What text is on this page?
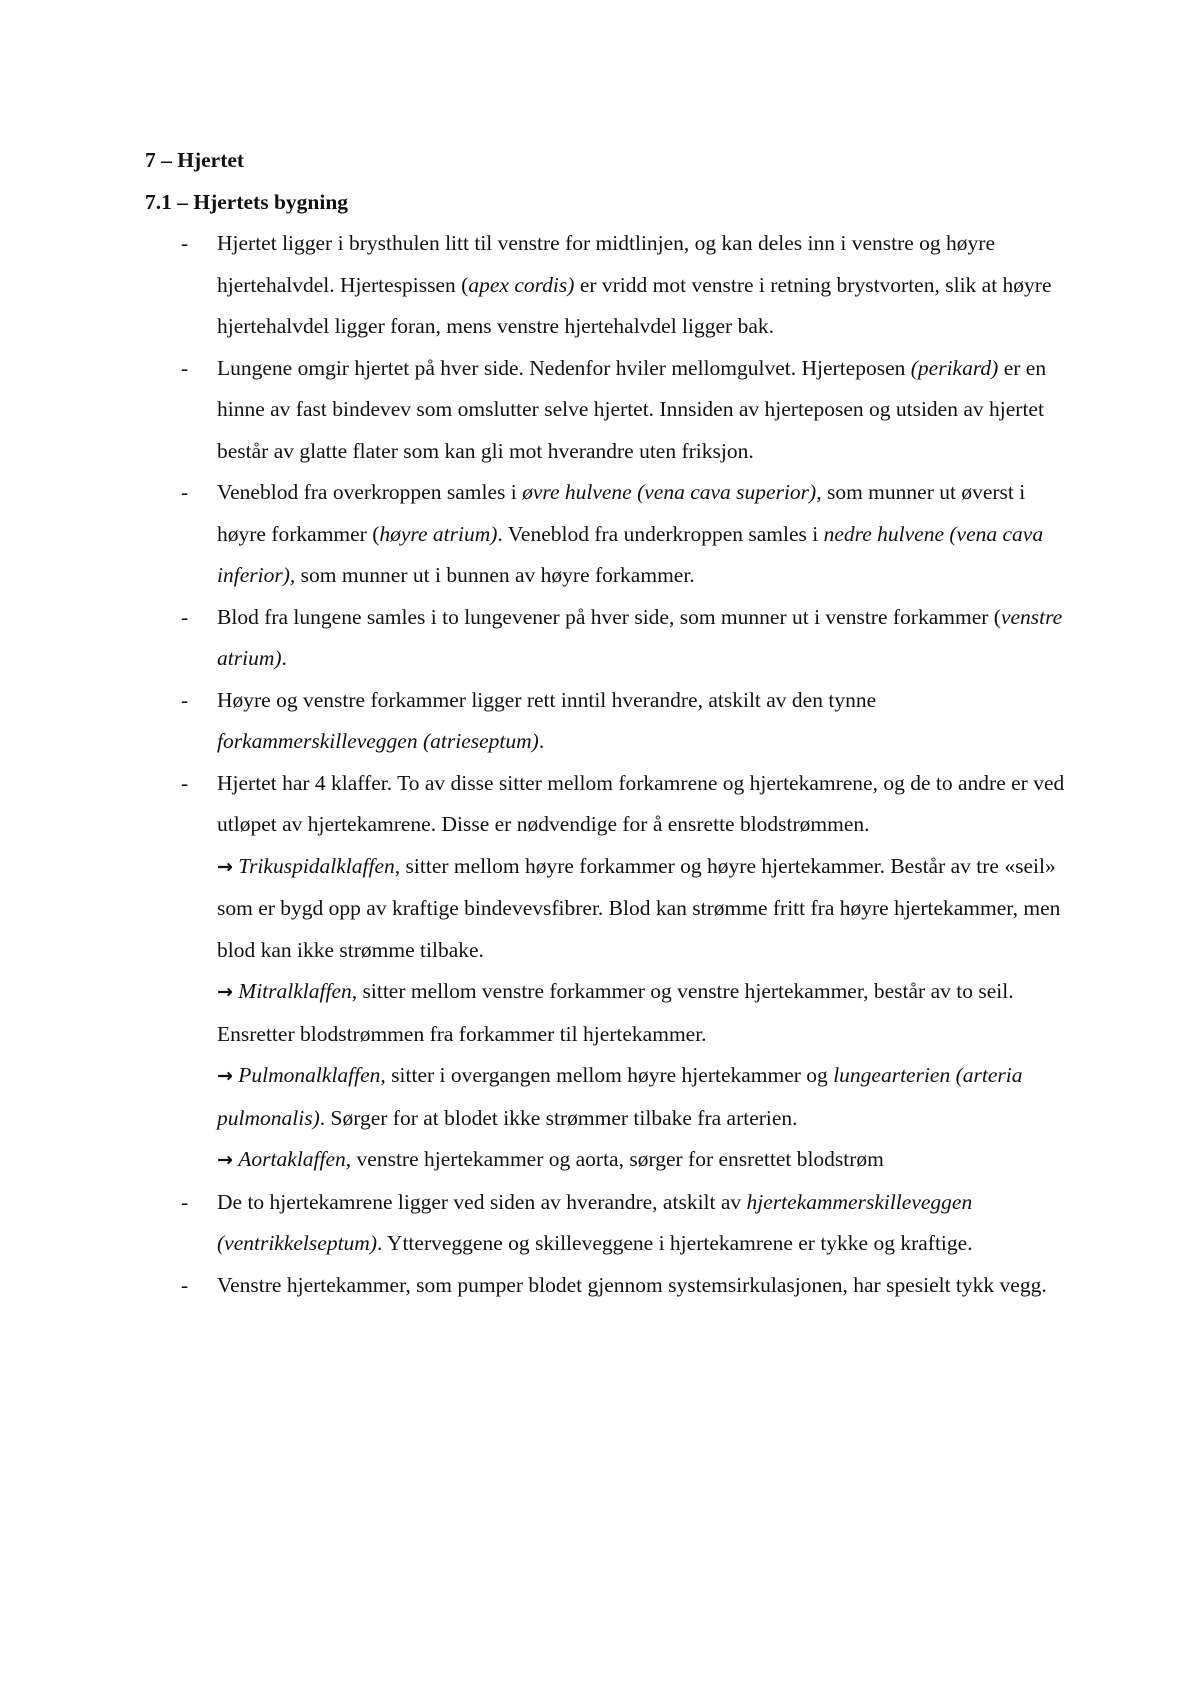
7 – Hjertet

7.1 – Hjertets bygning

- Hjertet ligger i brysthulen litt til venstre for midtlinjen, og kan deles inn i venstre og høyre hjertehalvdel. Hjertespissen (apex cordis) er vridd mot venstre i retning brystvorten, slik at høyre hjertehalvdel ligger foran, mens venstre hjertehalvdel ligger bak.
- Lungene omgir hjertet på hver side. Nedenfor hviler mellomgulvet. Hjerteposen (perikard) er en hinne av fast bindevev som omslutter selve hjertet. Innsiden av hjerteposen og utsiden av hjertet består av glatte flater som kan gli mot hverandre uten friksjon.
- Veneblod fra overkroppen samles i øvre hulvene (vena cava superior), som munner ut øverst i høyre forkammer (høyre atrium). Veneblod fra underkroppen samles i nedre hulvene (vena cava inferior), som munner ut i bunnen av høyre forkammer.
- Blod fra lungene samles i to lungevener på hver side, som munner ut i venstre forkammer (venstre atrium).
- Høyre og venstre forkammer ligger rett inntil hverandre, atskilt av den tynne forkammerskilleveggen (atrieseptum).
- Hjertet har 4 klaffer. To av disse sitter mellom forkamrene og hjertekamrene, og de to andre er ved utløpet av hjertekamrene. Disse er nødvendige for å ensrette blodstrømmen.
→ Trikuspidalklaffen, sitter mellom høyre forkammer og høyre hjertekammer. Består av tre «seil» som er bygd opp av kraftige bindevevsfibrer. Blod kan strømme fritt fra høyre hjertekammer, men blod kan ikke strømme tilbake.
→ Mitralklaffen, sitter mellom venstre forkammer og venstre hjertekammer, består av to seil. Ensretter blodstrømmen fra forkammer til hjertekammer.
→ Pulmonalklaffen, sitter i overgangen mellom høyre hjertekammer og lungearterien (arteria pulmonalis). Sørger for at blodet ikke strømmer tilbake fra arterien.
→ Aortaklaffen, venstre hjertekammer og aorta, sørger for ensrettet blodstrøm
- De to hjertekamrene ligger ved siden av hverandre, atskilt av hjertekammerskilleveggen (ventrikkelseptum). Ytterveggene og skilleveggene i hjertekamrene er tykke og kraftige.
- Venstre hjertekammer, som pumper blodet gjennom systemsirkulasjonen, har spesielt tykk vegg.
